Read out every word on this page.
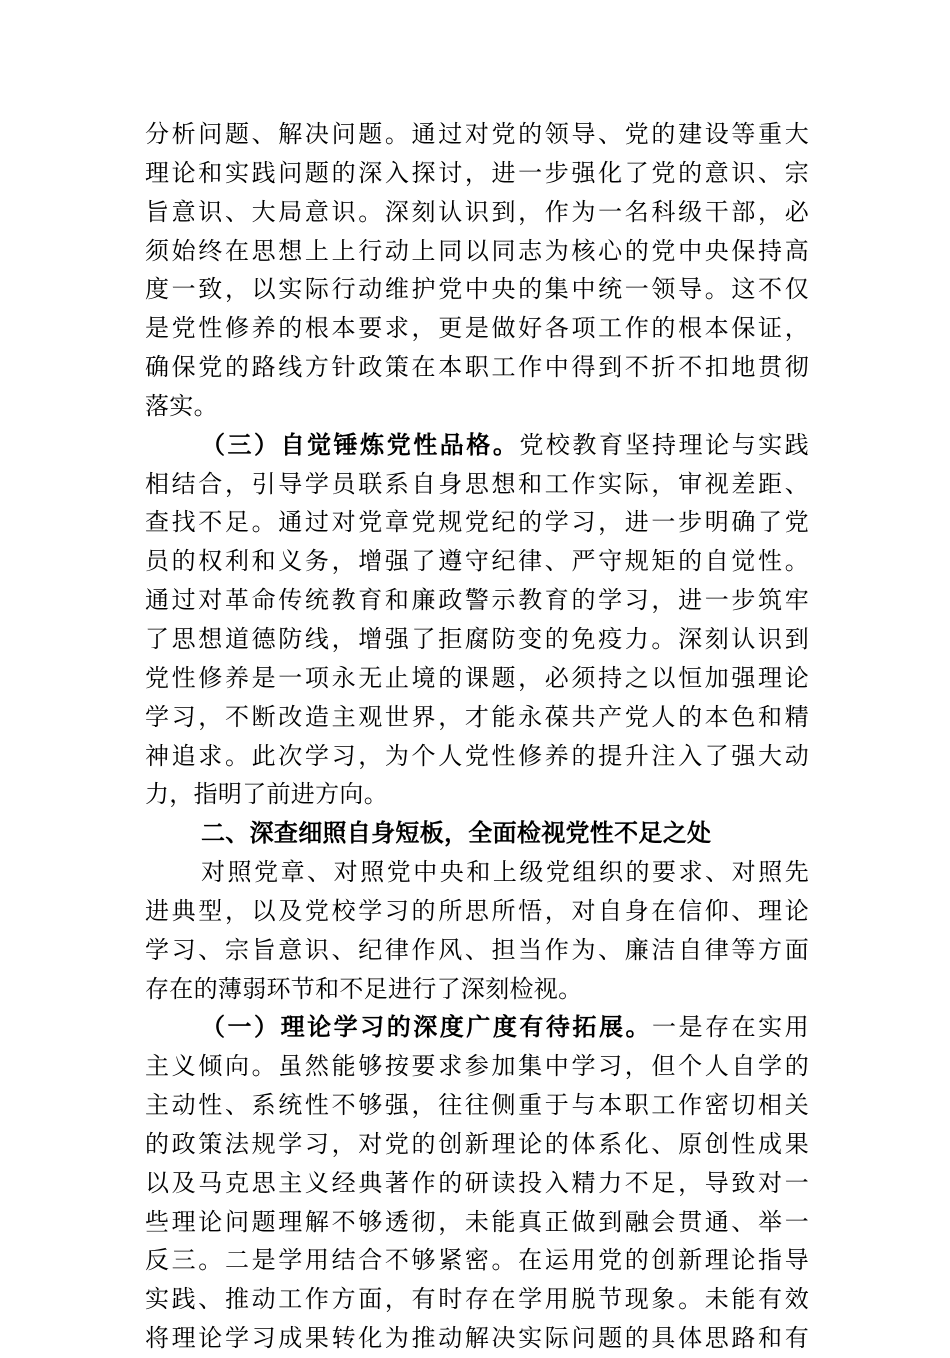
分析问题、解决问题。通过对党的领导、党的建设等重大
理论和实践问题的深入探讨，进一步强化了党的意识、宗
旨意识、大局意识。深刻认识到，作为一名科级干部，必
须始终在思想上上行动上同以同志为核心的党中央保持高
度一致，以实际行动维护党中央的集中统一领导。这不仅
是党性修养的根本要求，更是做好各项工作的根本保证，
确保党的路线方针政策在本职工作中得到不折不扣地贯彻
落实。
（三）自觉锤炼党性品格。党校教育坚持理论与实践
相结合，引导学员联系自身思想和工作实际，审视差距、
查找不足。通过对党章党规党纪的学习，进一步明确了党
员的权利和义务，增强了遵守纪律、严守规矩的自觉性。
通过对革命传统教育和廉政警示教育的学习，进一步筑牢
了思想道德防线，增强了拒腐防变的免疫力。深刻认识到
党性修养是一项永无止境的课题，必须持之以恒加强理论
学习，不断改造主观世界，才能永葆共产党人的本色和精
神追求。此次学习，为个人党性修养的提升注入了强大动
力，指明了前进方向。
二、深查细照自身短板，全面检视党性不足之处
对照党章、对照党中央和上级党组织的要求、对照先
进典型，以及党校学习的所思所悟，对自身在信仰、理论
学习、宗旨意识、纪律作风、担当作为、廉洁自律等方面
存在的薄弱环节和不足进行了深刻检视。
（一）理论学习的深度广度有待拓展。一是存在实用
主义倾向。虽然能够按要求参加集中学习，但个人自学的
主动性、系统性不够强，往往侧重于与本职工作密切相关
的政策法规学习，对党的创新理论的体系化、原创性成果
以及马克思主义经典著作的研读投入精力不足，导致对一
些理论问题理解不够透彻，未能真正做到融会贯通、举一
反三。二是学用结合不够紧密。在运用党的创新理论指导
实践、推动工作方面，有时存在学用脱节现象。未能有效
将理论学习成果转化为推动解决实际问题的具体思路和有
